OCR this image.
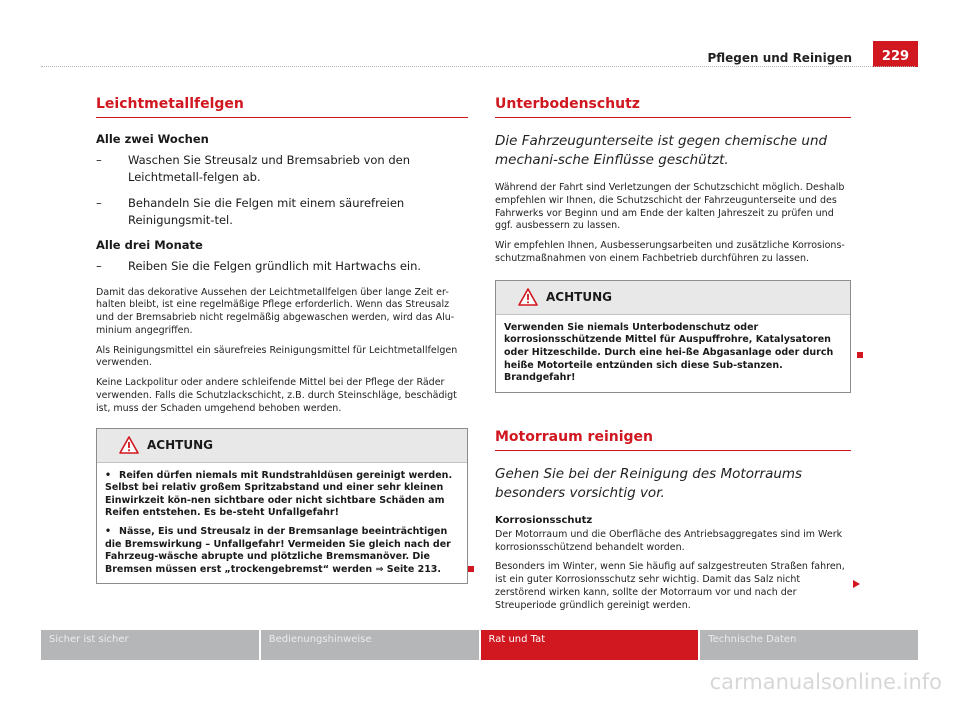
Pflegen und Reinigen	229
Leichtmetallfelgen
Alle zwei Wochen
– Waschen Sie Streusalz und Bremsabrieb von den Leichtmetall-felgen ab.
– Behandeln Sie die Felgen mit einem säurefreien Reinigungsmit-tel.
Alle drei Monate
– Reiben Sie die Felgen gründlich mit Hartwachs ein.

Damit das dekorative Aussehen der Leichtmetallfelgen über lange Zeit er-halten bleibt, ist eine regelmäßige Pflege erforderlich. Wenn das Streusalz und der Bremsabrieb nicht regelmäßig abgewaschen werden, wird das Alu-minium angegriffen.

Als Reinigungsmittel ein säurefreies Reinigungsmittel für Leichtmetallfelgen verwenden.

Keine Lackpolitur oder andere schleifende Mittel bei der Pflege der Räder verwenden. Falls die Schutzlackschicht, z.B. durch Steinschläge, beschädigt ist, muss der Schaden umgehend behoben werden.

ACHTUNG

• Reifen dürfen niemals mit Rundstrahldüsen gereinigt werden. Selbst bei relativ großem Spritzabstand und einer sehr kleinen Einwirkzeit kön-nen sichtbare oder nicht sichtbare Schäden am Reifen entstehen. Es be-steht Unfallgefahr!

• Nässe, Eis und Streusalz in der Bremsanlage beeinträchtigen die Bremswirkung – Unfallgefahr! Vermeiden Sie gleich nach der Fahrzeug-wäsche abrupte und plötzliche Bremsmanöver. Die Bremsen müssen erst „trockengebremst“ werden ⇒ Seite 213.

Unterbodenschutz
Die Fahrzeugunterseite ist gegen chemische und mechani-sche Einflüsse geschützt.

Während der Fahrt sind Verletzungen der Schutzschicht möglich. Deshalb empfehlen wir Ihnen, die Schutzschicht der Fahrzeugunterseite und des Fahrwerks vor Beginn und am Ende der kalten Jahreszeit zu prüfen und ggf. ausbessern zu lassen.

Wir empfehlen Ihnen, Ausbesserungsarbeiten und zusätzliche Korrosions-schutzmaßnahmen von einem Fachbetrieb durchführen zu lassen.

ACHTUNG

Verwenden Sie niemals Unterbodenschutz oder korrosionsschützende Mittel für Auspuffrohre, Katalysatoren oder Hitzeschilde. Durch eine hei-ße Abgasanlage oder durch heiße Motorteile entzünden sich diese Sub-stanzen. Brandgefahr!

Motorraum reinigen
Gehen Sie bei der Reinigung des Motorraums besonders vorsichtig vor.
Korrosionsschutz

Der Motorraum und die Oberfläche des Antriebsaggregates sind im Werk korrosionsschützend behandelt worden.

Besonders im Winter, wenn Sie häufig auf salzgestreuten Straßen fahren, ist ein guter Korrosionsschutz sehr wichtig. Damit das Salz nicht zerstörend wirken kann, sollte der Motorraum vor und nach der Streuperiode gründlich gereinigt werden.

Sicher ist sicher	Bedienungshinweise	Rat und Tat	Technische Daten
carmanualsonline.info
